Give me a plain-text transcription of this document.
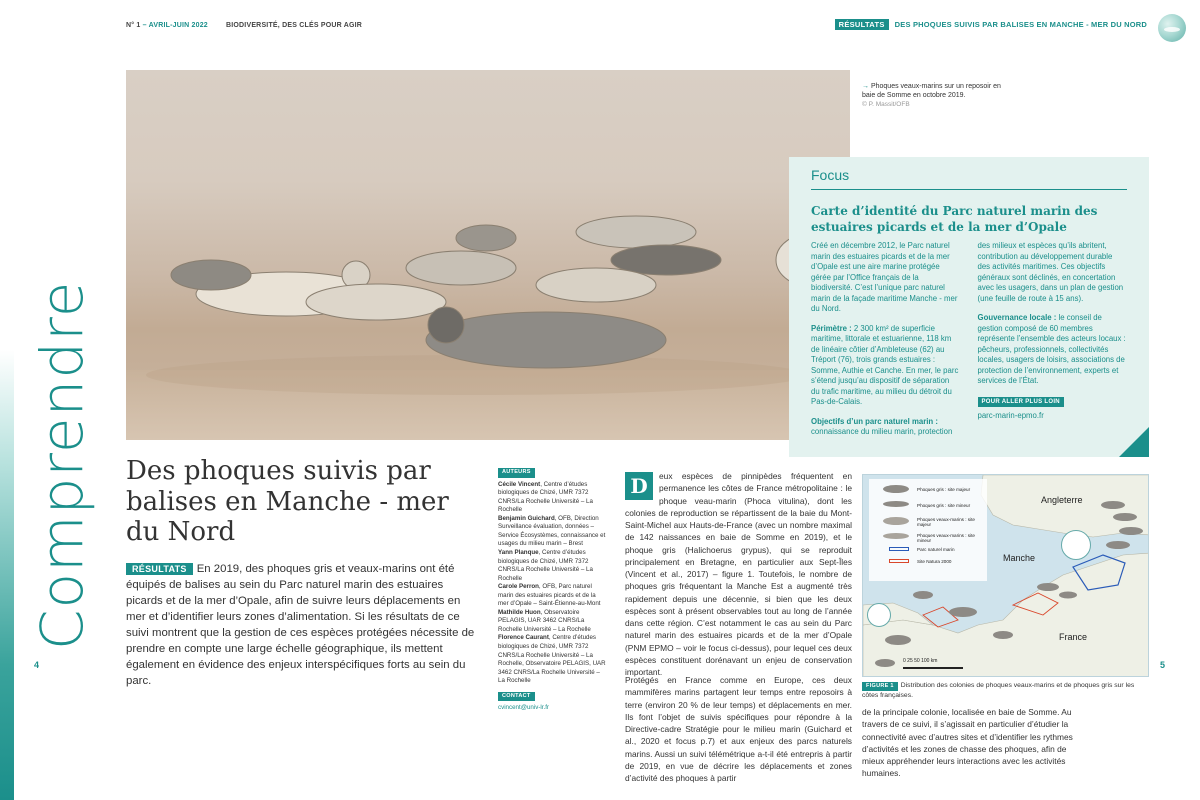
N° 1 – AVRIL-JUIN 2022	BIODIVERSITÉ, DES CLÉS POUR AGIR	RÉSULTATS	DES PHOQUES SUIVIS PAR BALISES EN MANCHE - MER DU NORD
Comprendre
4	5
→ Phoques veaux-marins sur un reposoir en baie de Somme en octobre 2019.
© P. Massit/OFB
Focus
Carte d’identité du Parc naturel marin des estuaires picards et de la mer d’Opale

Créé en décembre 2012, le Parc naturel marin des estuaires picards et de la mer d’Opale est une aire marine protégée gérée par l’Office français de la biodiversité. C’est l’unique parc naturel marin de la façade maritime Manche - mer du Nord.

Périmètre : 2 300 km² de superficie maritime, littorale et estuarienne, 118 km de linéaire côtier d’Ambleteuse (62) au Tréport (76), trois grands estuaires : Somme, Authie et Canche. En mer, le parc s’étend jusqu’au dispositif de séparation du trafic maritime, au milieu du détroit du Pas-de-Calais.

Objectifs d’un parc naturel marin : connaissance du milieu marin, protection

des milieux et espèces qu’ils abritent, contribution au développement durable des activités maritimes. Ces objectifs généraux sont déclinés, en concertation avec les usagers, dans un plan de gestion (une feuille de route à 15 ans).

Gouvernance locale : le conseil de gestion composé de 60 membres représente l’ensemble des acteurs locaux : pêcheurs, professionnels, collectivités locales, usagers de loisirs, associations de protection de l’environnement, experts et services de l’État.

POUR ALLER PLUS LOIN
parc-marin-epmo.fr
Des phoques suivis par balises en Manche - mer du Nord

RÉSULTATS En 2019, des phoques gris et veaux-marins ont été équipés de balises au sein du Parc naturel marin des estuaires picards et de la mer d’Opale, afin de suivre leurs déplacements en mer et d’identifier leurs zones d’alimentation. Si les résultats de ce suivi montrent que la gestion de ces espèces protégées nécessite de prendre en compte une large échelle géographique, ils mettent également en évidence des enjeux interspécifiques forts au sein du parc.

AUTEURS
Cécile Vincent, Centre d’études biologiques de Chizé, UMR 7372 CNRS/La Rochelle Université – La Rochelle
Benjamin Guichard, OFB, Direction Surveillance évaluation, données – Service Écosystèmes, connaissance et usages du milieu marin – Brest
Yann Planque, Centre d’études biologiques de Chizé, UMR 7372 CNRS/La Rochelle Université – La Rochelle
Carole Perron, OFB, Parc naturel marin des estuaires picards et de la mer d’Opale – Saint-Étienne-au-Mont
Mathilde Huon, Observatoire PELAGIS, UAR 3462 CNRS/La Rochelle Université – La Rochelle
Florence Caurant, Centre d’études biologiques de Chizé, UMR 7372 CNRS/La Rochelle Université – La Rochelle, Observatoire PELAGIS, UAR 3462 CNRS/La Rochelle Université – La Rochelle
CONTACT
cvincent@univ-lr.fr
D	eux espèces de pinnipèdes fréquentent en permanence les côtes de France métropolitaine : le phoque veau-marin (Phoca vitulina), dont les colonies de reproduction se répartissent de la baie du Mont-Saint-Michel aux Hauts-de-France (avec un nombre maximal de 142 naissances en baie de Somme en 2019), et le phoque gris (Halichoerus grypus), qui se reproduit principalement en Bretagne, en particulier aux Sept-Îles (Vincent et al., 2017) – figure 1. Toutefois, le nombre de phoques gris fréquentant la Manche Est a augmenté très rapidement depuis une décennie, si bien que les deux espèces sont à présent observables tout au long de l’année dans cette région. C’est notamment le cas au sein du Parc naturel marin des estuaires picards et de la mer d’Opale (PNM EPMO – voir le focus ci-dessus), pour lequel ces deux espèces constituent dorénavant un enjeu de conservation important.
Protégés en France comme en Europe, ces deux mammifères marins partagent leur temps entre reposoirs à terre (environ 20 % de leur temps) et déplacements en mer. Ils font l’objet de suivis spécifiques pour répondre à la Directive-cadre Stratégie pour le milieu marin (Guichard et al., 2020 et focus p.7) et aux enjeux des parcs naturels marins. Aussi un suivi télémétrique a-t-il été entrepris à partir de 2019, en vue de décrire les déplacements et zones d’activité des phoques à partir
de la principale colonie, localisée en baie de Somme. Au travers de ce suivi, il s’agissait en particulier d’étudier la connectivité avec d’autres sites et d’identifier les rythmes d’activités et les zones de chasse des phoques, afin de mieux appréhender leurs interactions avec les activités humaines.
Phoques gris : site majeur
Phoques gris : site mineur
Phoques veaux-marins : site majeur
Phoques veaux-marins : site mineur
Parc naturel marin
Site Natura 2000
Angleterre
Manche
France
0 25 50 100 km
FIGURE 1 Distribution des colonies de phoques veaux-marins et de phoques gris sur les côtes françaises.
